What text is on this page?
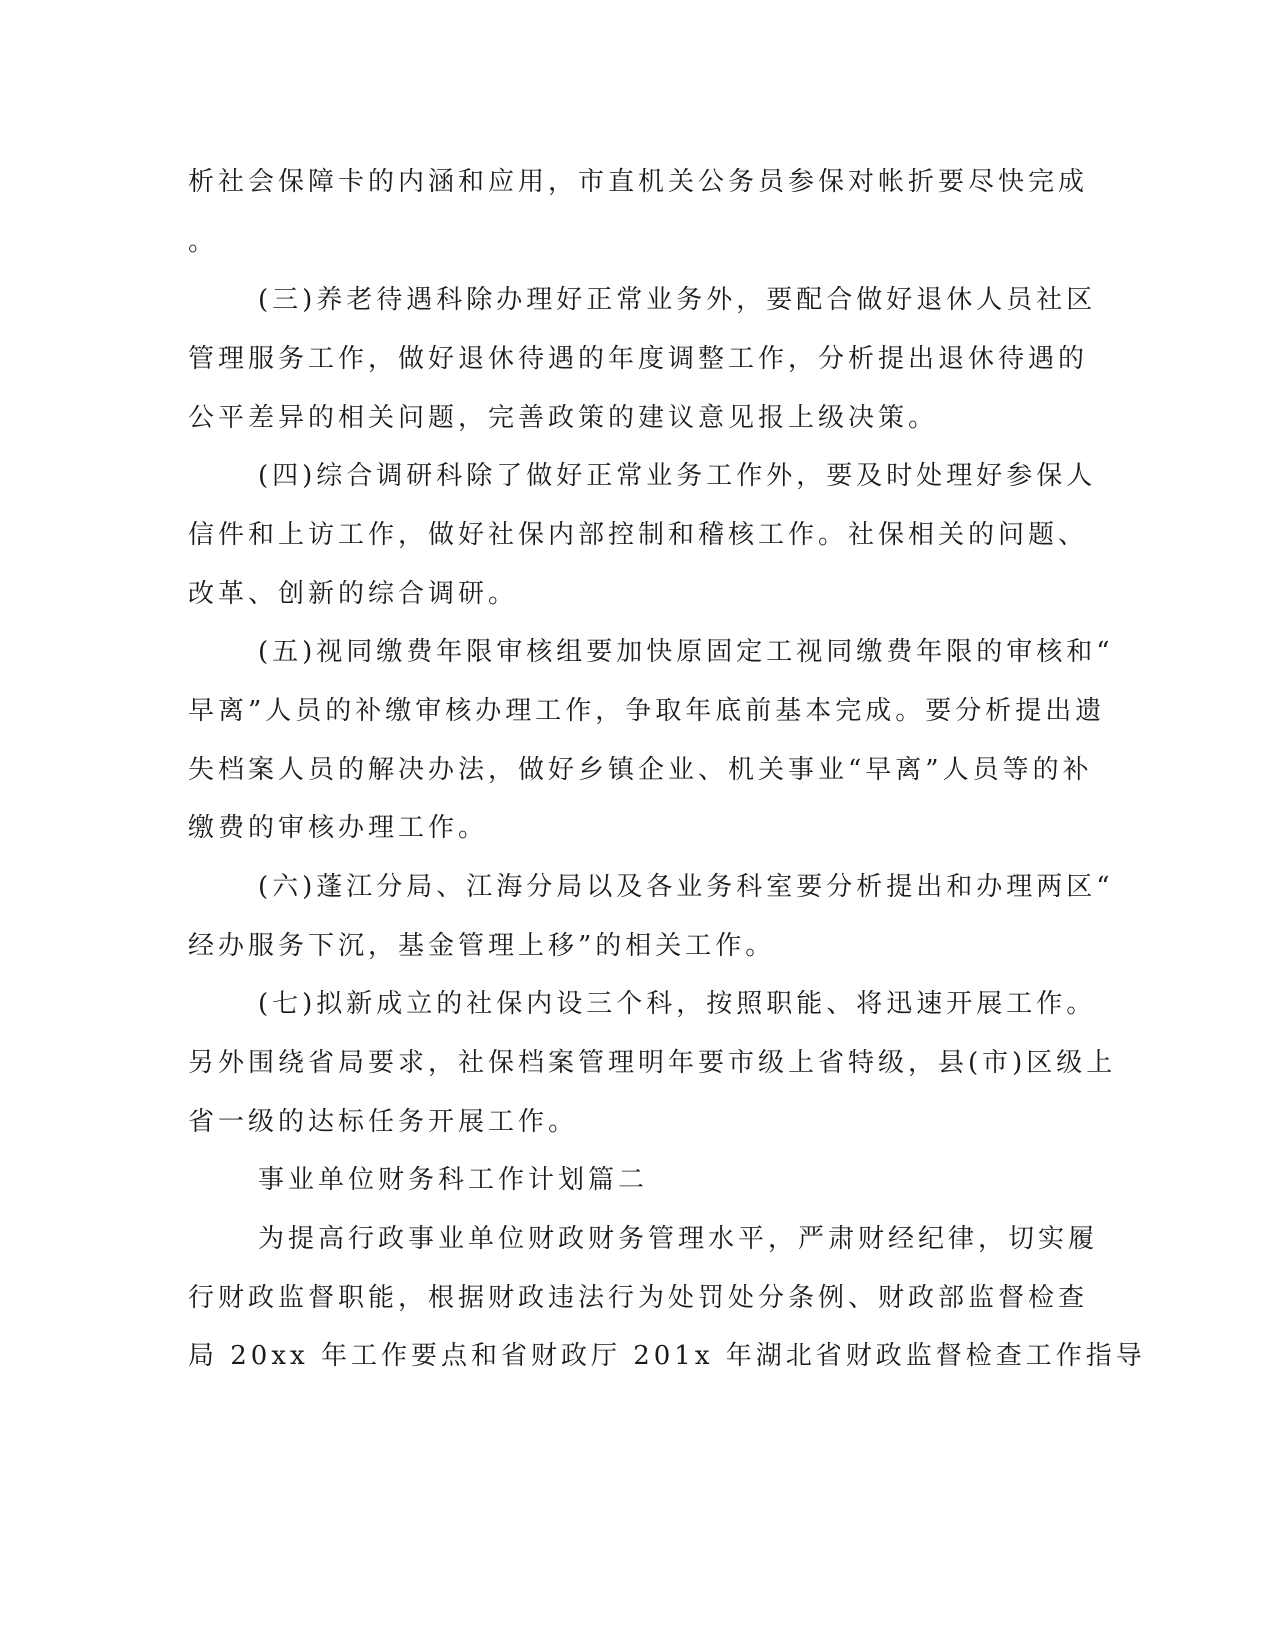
析社会保障卡的内涵和应用，市直机关公务员参保对帐折要尽快完成
。
(三)养老待遇科除办理好正常业务外，要配合做好退休人员社区
管理服务工作，做好退休待遇的年度调整工作，分析提出退休待遇的
公平差异的相关问题，完善政策的建议意见报上级决策。
(四)综合调研科除了做好正常业务工作外，要及时处理好参保人
信件和上访工作，做好社保内部控制和稽核工作。社保相关的问题、
改革、创新的综合调研。
(五)视同缴费年限审核组要加快原固定工视同缴费年限的审核和“
早离”人员的补缴审核办理工作，争取年底前基本完成。要分析提出遗
失档案人员的解决办法，做好乡镇企业、机关事业“早离”人员等的补
缴费的审核办理工作。
(六)蓬江分局、江海分局以及各业务科室要分析提出和办理两区“
经办服务下沉，基金管理上移”的相关工作。
(七)拟新成立的社保内设三个科，按照职能、将迅速开展工作。
另外围绕省局要求，社保档案管理明年要市级上省特级，县(市)区级上
省一级的达标任务开展工作。
事业单位财务科工作计划篇二
为提高行政事业单位财政财务管理水平，严肃财经纪律，切实履
行财政监督职能，根据财政违法行为处罚处分条例、财政部监督检查
局 20xx 年工作要点和省财政厅 201x 年湖北省财政监督检查工作指导
